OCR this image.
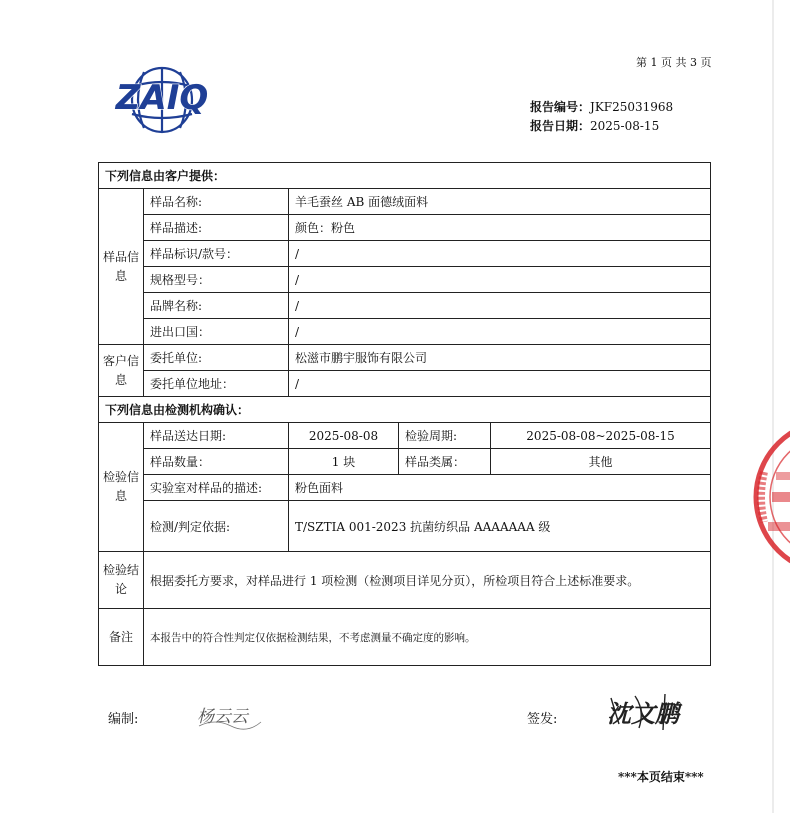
第 1 页 共 3 页
ZAIQ	报告编号：JKF25031968
报告日期：2025-08-15
下列信息由客户提供：				
样品信息	样品名称:	羊毛蚕丝 AB 面德绒面料		
	样品描述:	颜色：粉色		
	样品标识/款号：	/		
	规格型号：	/		
	品牌名称:	/		
	进出口国：	/		
客户信息	委托单位:	松滋市鹏宇服饰有限公司		
	委托单位地址：	/		
下列信息由检测机构确认：				
检验信息	样品送达日期:	2025-08-08	检验周期:	2025-08-08~2025-08-15
	样品数量：	1 块	样品类属：	其他
	实验室对样品的描述:	粉色面料		
	检测/判定依据:	T/SZTIA 001-2023 抗菌纺织品 AAAAAAA 级		
检验结论	根据委托方要求，对样品进行 1 项检测（检测项目详见分页），所检项目符合上述标准要求。			
备注	本报告中的符合性判定仅依据检测结果，不考虑测量不确定度的影响。			
编制:	杨云云	签发: 沈文鹏
***本页结束***
